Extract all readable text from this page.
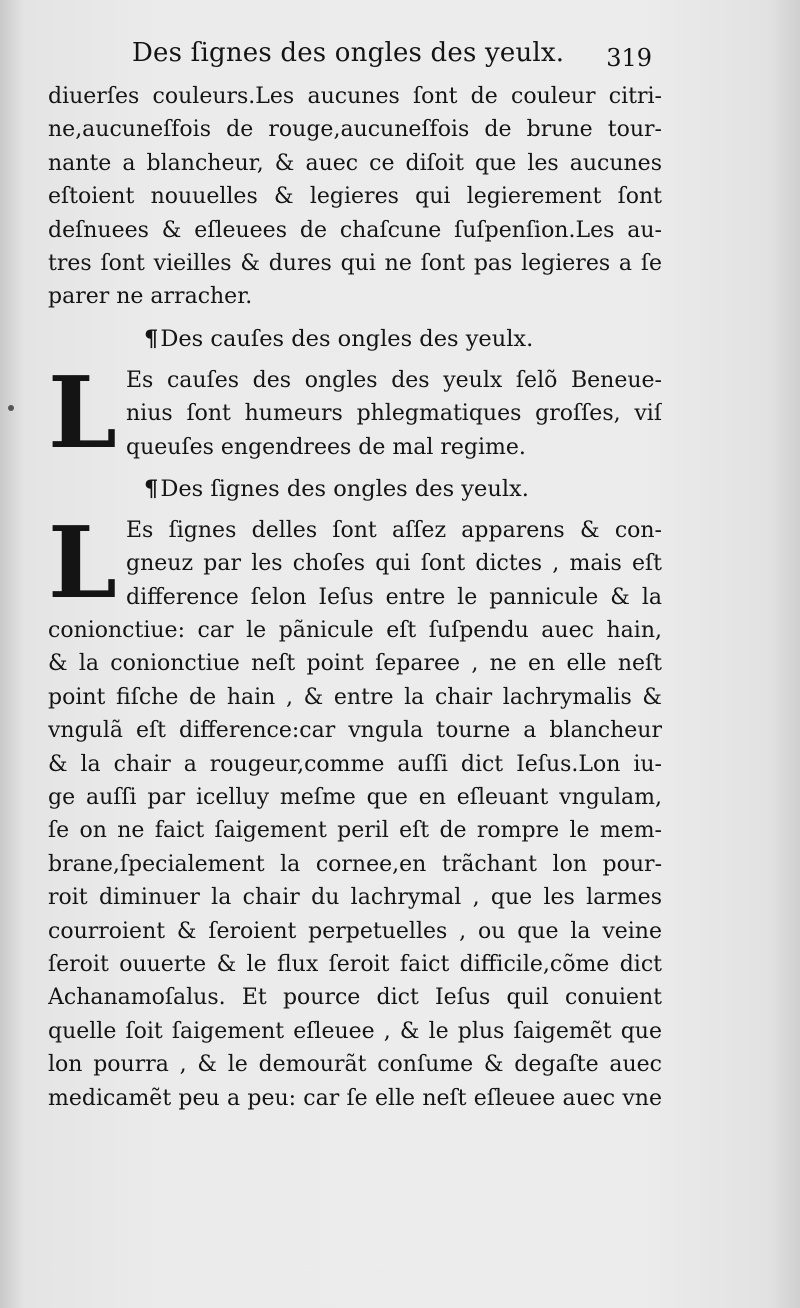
Des ſignes des ongles des yeulx. 319
diuerſes couleurs.Les aucunes ſont de couleur citri-
ne,aucuneſfois de rouge,aucuneſfois de brune tour-
nante a blancheur, & auec ce diſoit que les aucunes
eſtoient nouuelles & legieres qui legierement ſont
deſnuees & eſleuees de chaſcune ſuſpenſion.Les au-
tres ſont vieilles & dures qui ne ſont pas legieres a ſe
parer ne arracher.
¶Des cauſes des ongles des yeulx.
L Es cauſes des ongles des yeulx ſelõ Beneue-
nius ſont humeurs phlegmatiques groſſes, viſ
queuſes engendrees de mal regime.
¶Des ſignes des ongles des yeulx.
L Es ſignes delles ſont aſſez apparens & con-
gneuz par les choſes qui ſont dictes , mais eſt
difference ſelon Ieſus entre le pannicule & la
conionctiue: car le pãnicule eſt ſuſpendu auec hain,
& la conionctiue neſt point ſeparee , ne en elle neſt
point fiſche de hain , & entre la chair lachrymalis &
vngulã eſt difference:car vngula tourne a blancheur
& la chair a rougeur,comme auſſi dict Ieſus.Lon iu-
ge auſſi par icelluy meſme que en eſleuant vngulam,
ſe on ne faict ſaigement peril eſt de rompre le mem-
brane,ſpecialement la cornee,en trãchant lon pour-
roit diminuer la chair du lachrymal , que les larmes
courroient & ſeroient perpetuelles , ou que la veine
ſeroit ouuerte & le flux ſeroit faict difficile,cõme dict
Achanamoſalus. Et pource dict Ieſus quil conuient
quelle ſoit ſaigement eſleuee , & le plus ſaigemẽt que
lon pourra , & le demourãt conſume & degaſte auec
medicamẽt peu a peu: car ſe elle neſt eſleuee auec vne
